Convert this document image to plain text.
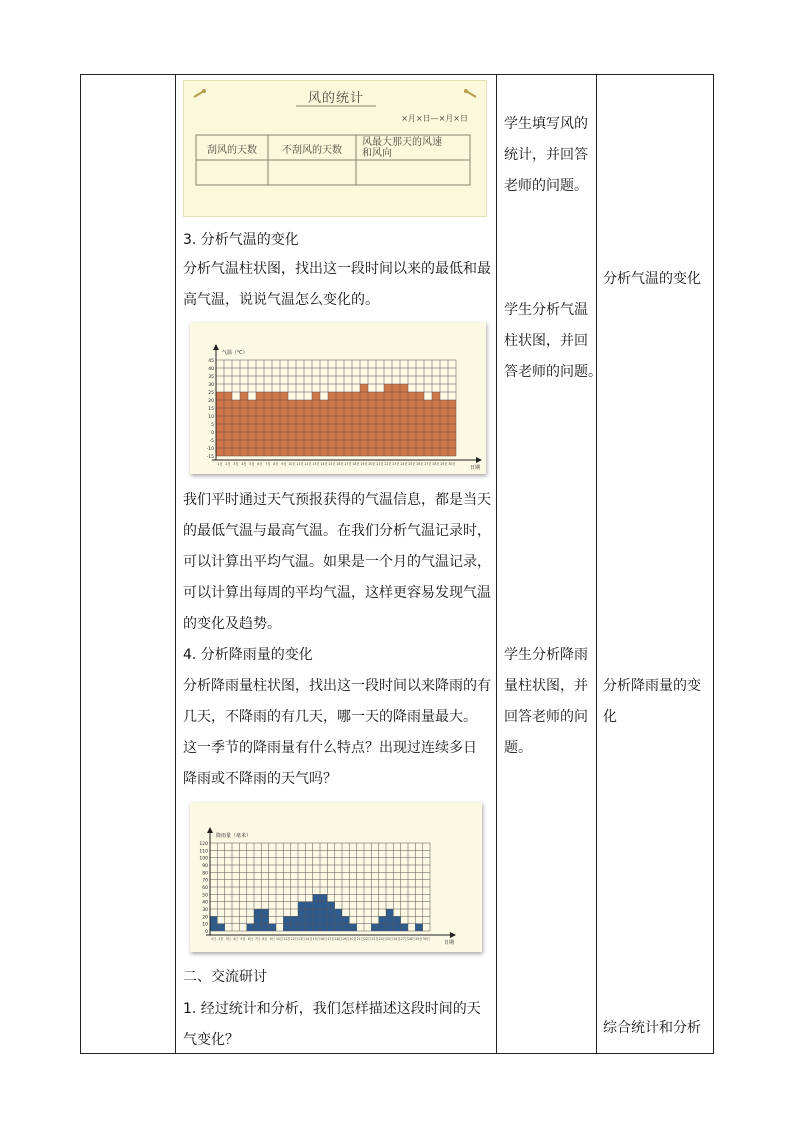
风的统计
×月×日—×月×日
刮风的天数	不刮风的天数
风最大那天的风速
和风向
3. 分析气温的变化
分析气温柱状图，找出这一段时间以来的最低和最
高气温，说说气温怎么变化的。
45
40
35
30
25
20
15
10
5
0
-5
-10
-15
1日 2日 3日 4日 5日 6日 7日 8日 9日 10日 11日 12日 13日 14日 15日 16日 17日 18日 19日 20日 21日 22日 23日 24日 25日 26日 27日 28日 29日 30日
气温（℃）
日期
我们平时通过天气预报获得的气温信息，都是当天
的最低气温与最高气温。在我们分析气温记录时，
可以计算出平均气温。如果是一个月的气温记录，
可以计算出每周的平均气温，这样更容易发现气温
的变化及趋势。
4. 分析降雨量的变化
分析降雨量柱状图，找出这一段时间以来降雨的有
几天，不降雨的有几天，哪一天的降雨量最大。
这一季节的降雨量有什么特点？出现过连续多日
降雨或不降雨的天气吗？
120
110
100
90
80
70
60
50
40
30
20
10
0
1日 2日 3日 4日 5日 6日 7日 8日 9日 10日 11日 12日 13日 14日 15日 16日 17日 18日 19日 20日 21日 22日 23日 24日 25日 26日 27日 28日 29日 30日
降雨量（毫米）
日期
二、交流研讨
1. 经过统计和分析，我们怎样描述这段时间的天
气变化？
学生填写风的
统计，并回答
老师的问题。
学生分析气温
柱状图，并回
答老师的问题。
学生分析降雨
量柱状图，并
回答老师的问
题。
分析气温的变化
分析降雨量的变
化
综合统计和分析
